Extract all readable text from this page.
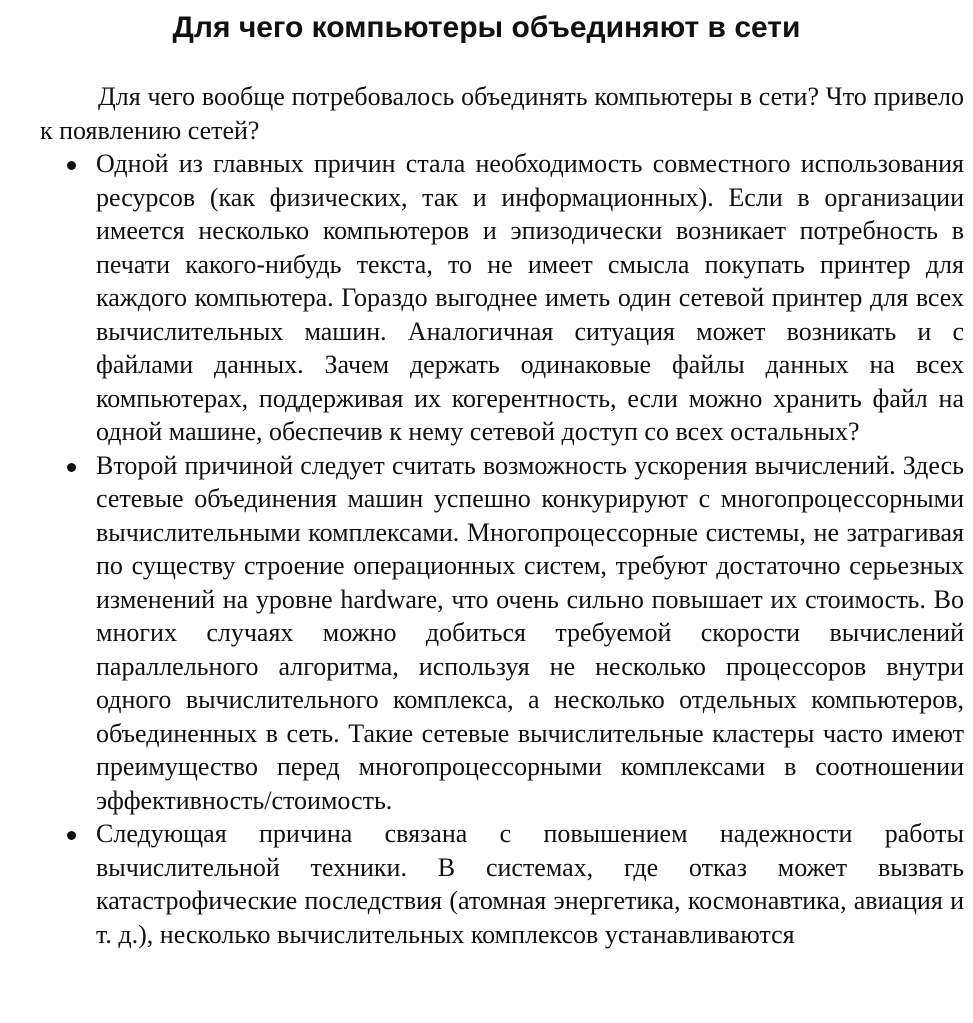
Для чего компьютеры объединяют в сети

Для чего вообще потребовалось объединять компьютеры в сети? Что привело к появлению сетей?

Одной из главных причин стала необходимость совместного использования ресурсов (как физических, так и информационных). Если в организации имеется несколько компьютеров и эпизодически возникает потребность в печати какого-нибудь текста, то не имеет смысла покупать принтер для каждого компьютера. Гораздо выгоднее иметь один сетевой принтер для всех вычислительных машин. Аналогичная ситуация может возникать и с файлами данных. Зачем держать одинаковые файлы данных на всех компьютерах, поддерживая их когерентность, если можно хранить файл на одной машине, обеспечив к нему сетевой доступ со всех остальных?
Второй причиной следует считать возможность ускорения вычислений. Здесь сетевые объединения машин успешно конкурируют с многопроцессорными вычислительными комплексами. Многопроцессорные системы, не затрагивая по существу строение операционных систем, требуют достаточно серьезных изменений на уровне hardware, что очень сильно повышает их стоимость. Во многих случаях можно добиться требуемой скорости вычислений параллельного алгоритма, используя не несколько процессоров внутри одного вычислительного комплекса, а несколько отдельных компьютеров, объединенных в сеть. Такие сетевые вычислительные кластеры часто имеют преимущество перед многопроцессорными комплексами в соотношении эффективность/стоимость.
Следующая причина связана с повышением надежности работы вычислительной техники. В системах, где отказ может вызвать катастрофические последствия (атомная энергетика, космонавтика, авиация и т. д.), несколько вычислительных комплексов устанавливаются
